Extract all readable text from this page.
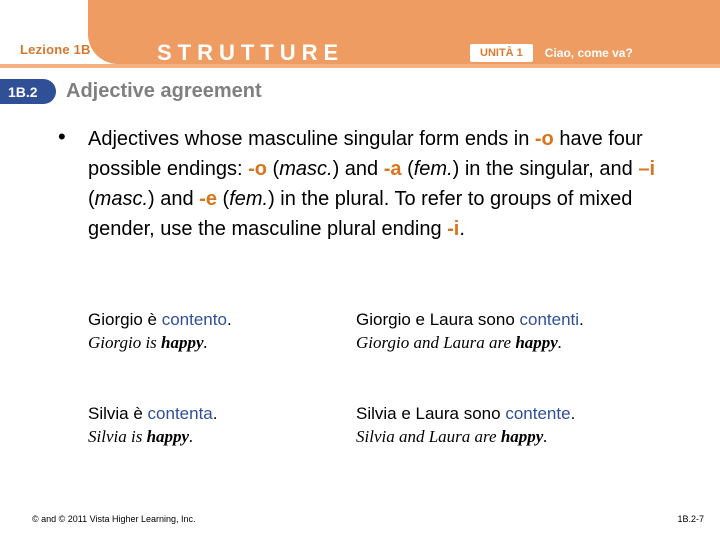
Lezione 1B	STRUTTURE	UNITÀ 1	Ciao, come va?
1B.2	Adjective agreement
• Adjectives whose masculine singular form ends in -o have four possible endings: -o (masc.) and -a (fem.) in the singular, and –i (masc.) and -e (fem.) in the plural. To refer to groups of mixed gender, use the masculine plural ending -i.
Giorgio è contento.
Giorgio is happy.
Giorgio e Laura sono contenti.
Giorgio and Laura are happy.
Silvia è contenta.
Silvia is happy.
Silvia e Laura sono contente.
Silvia and Laura are happy.
© and © 2011 Vista Higher Learning, Inc.	1B.2-7
